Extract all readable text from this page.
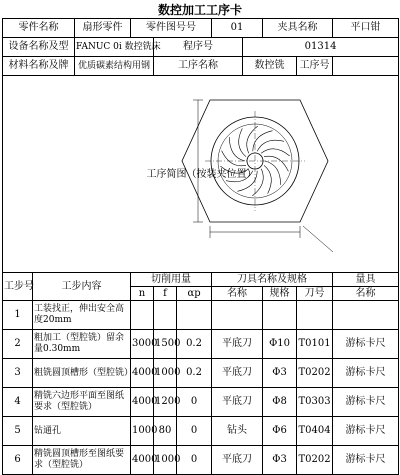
数控加工工序卡
零件名称		扇形零件	零件图号号			01		夹具名称		平口钳
设备名称及型		FANUC 0i 数控铣床		程序号			01314			
材料名称及牌		优质碳素结构用钢		工序名称			数控铣		工序号	

工序简图（按装夹位置）										

工步号	工步内容		切削用量			刀具名称及规格				量具
			n	f	αp	名称		规格	刀号	名称
1	工装找正，伸出安全高度20mm									
2	粗加工（型腔铣）留余量0.30mm		3000	1500	0.2	平底刀		Φ10	T0101	游标卡尺
3	粗铣圆顶槽形（型腔铣）		4000	1000	0.2	平底刀		Φ3	T0202	游标卡尺
4	精铣六边形平面至图纸要求（型腔铣）		4000	1200	0	平底刀		Φ8	T0303	游标卡尺
5	钻通孔		1000	80	0	钻头		Φ6	T0404	游标卡尺
6	精铣圆顶槽形至图纸要求（型腔铣）		4000	1000	0	平底刀		Φ3	T0202	游标卡尺
